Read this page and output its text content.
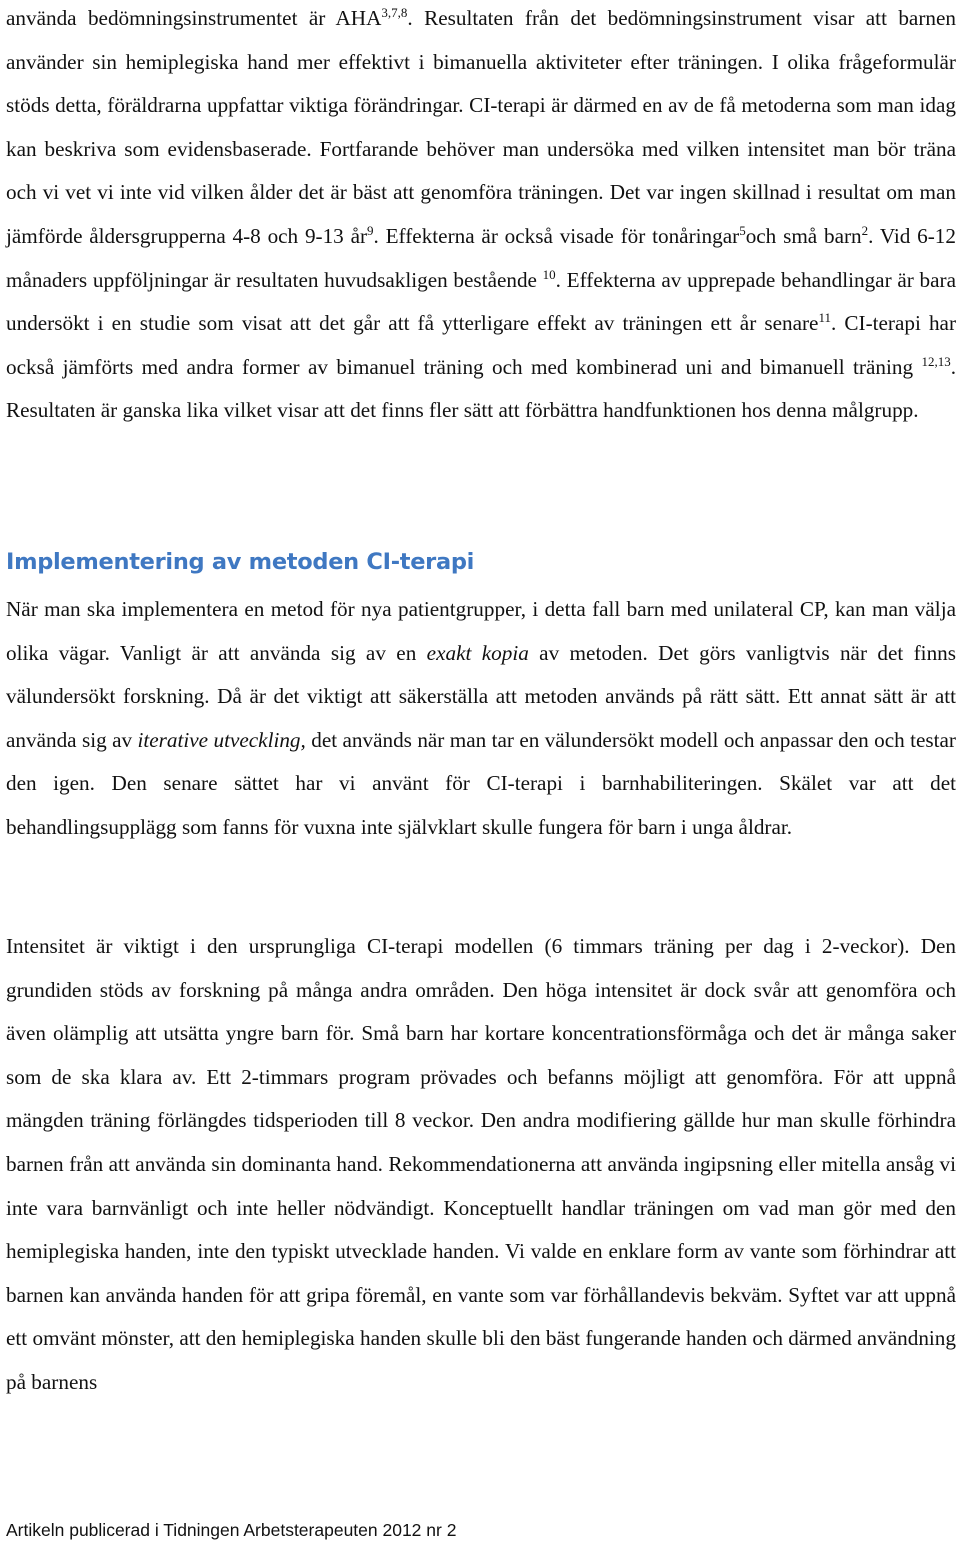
använda bedömningsinstrumentet är AHA$^{3,7,8}$. Resultaten från det bedömningsinstrument visar att barnen använder sin hemiplegiska hand mer effektivt i bimanuella aktiviteter efter träningen. I olika frågeformulär stöds detta, föräldrarna uppfattar viktiga förändringar. CI-terapi är därmed en av de få metoderna som man idag kan beskriva som evidensbaserade. Fortfarande behöver man undersöka med vilken intensitet man bör träna och vi vet vi inte vid vilken ålder det är bäst att genomföra träningen. Det var ingen skillnad i resultat om man jämförde åldersgrupperna 4-8 och 9-13 $år^9$. Effekterna är också visade för tonåringar$^5$och små barn$^2$. Vid 6-12 månaders uppföljningar är resultaten huvudsakligen bestående $^{10}$. Effekterna av upprepade behandlingar är bara undersökt i en studie som visat att det går att få ytterligare effekt av träningen ett år senare$^{11}$. CI-terapi har också jämförts med andra former av bimanuel träning och med kombinerad uni and bimanuell träning $^{12,13}$. Resultaten är ganska lika vilket visar att det finns fler sätt att förbättra handfunktionen hos denna målgrupp.

Implementering av metoden CI-terapi

När man ska implementera en metod för nya patientgrupper, i detta fall barn med unilateral CP, kan man välja olika vägar. Vanligt är att använda sig av en exakt kopia av metoden. Det görs vanligtvis när det finns välundersökt forskning. Då är det viktigt att säkerställa att metoden används på rätt sätt. Ett annat sätt är att använda sig av iterative utveckling, det används när man tar en välundersökt modell och anpassar den och testar den igen. Den senare sättet har vi använt för CI-terapi i barnhabiliteringen. Skälet var att det behandlingsupplägg som fanns för vuxna inte självklart skulle fungera för barn i unga åldrar.

Intensitet är viktigt i den ursprungliga CI-terapi modellen (6 timmars träning per dag i 2-veckor). Den grundiden stöds av forskning på många andra områden. Den höga intensitet är dock svår att genomföra och även olämplig att utsätta yngre barn för. Små barn har kortare koncentrationsförmåga och det är många saker som de ska klara av. Ett 2-timmars program prövades och befanns möjligt att genomföra. För att uppnå mängden träning förlängdes tidsperioden till 8 veckor. Den andra modifiering gällde hur man skulle förhindra barnen från att använda sin dominanta hand. Rekommendationerna att använda ingipsning eller mitella ansåg vi inte vara barnvänligt och inte heller nödvändigt. Konceptuellt handlar träningen om vad man gör med den hemiplegiska handen, inte den typiskt utvecklade handen. Vi valde en enklare form av vante som förhindrar att barnen kan använda handen för att gripa föremål, en vante som var förhållandevis bekväm. Syftet var att uppnå ett omvänt mönster, att den hemiplegiska handen skulle bli den bäst fungerande handen och därmed användning på barnens

Artikeln publicerad i Tidningen Arbetsterapeuten 2012 nr 2
